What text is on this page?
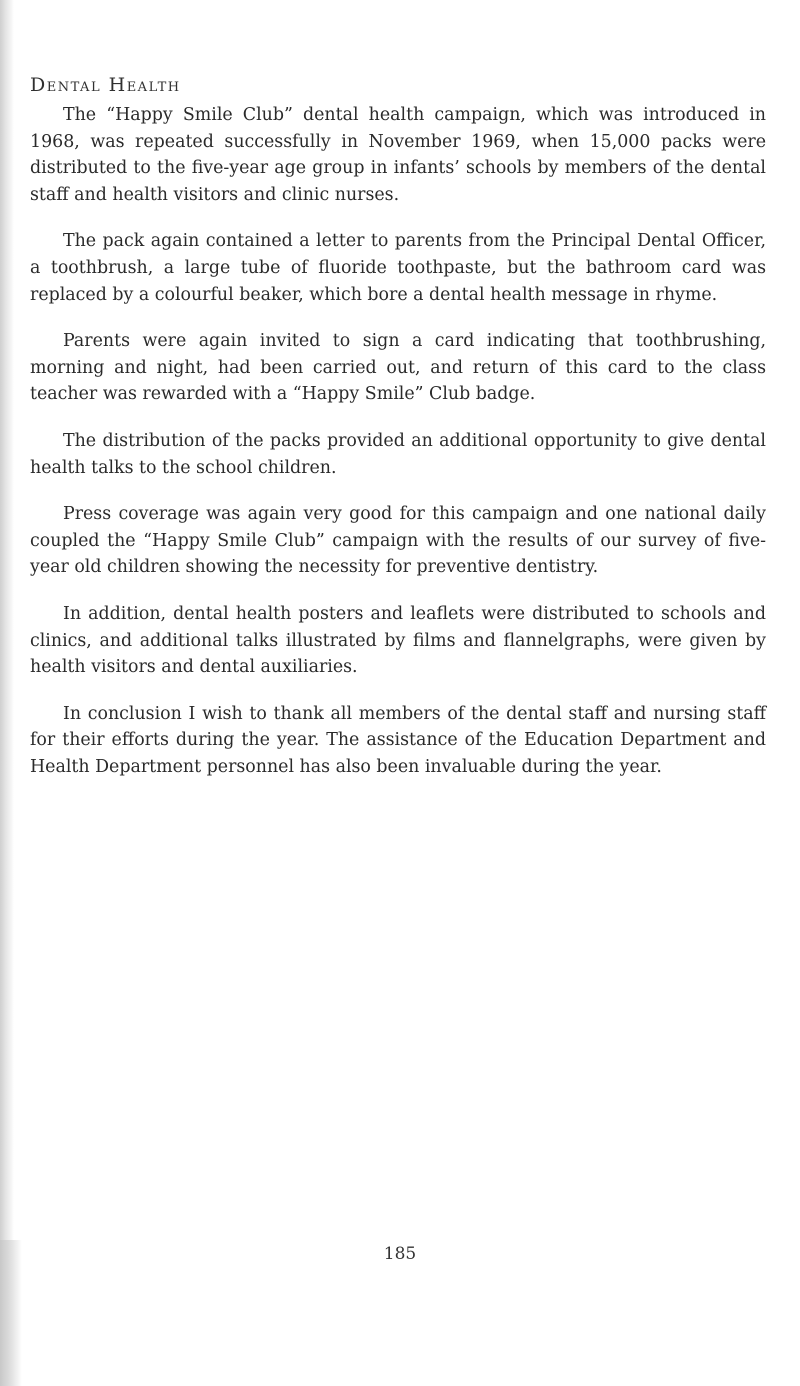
Dental Health

The “Happy Smile Club” dental health campaign, which was introduced in 1968, was repeated successfully in November 1969, when 15,000 packs were distributed to the five-year age group in infants’ schools by members of the dental staff and health visitors and clinic nurses.

The pack again contained a letter to parents from the Principal Dental Officer, a toothbrush, a large tube of fluoride toothpaste, but the bathroom card was replaced by a colourful beaker, which bore a dental health message in rhyme.

Parents were again invited to sign a card indicating that toothbrushing, morning and night, had been carried out, and return of this card to the class teacher was rewarded with a “Happy Smile” Club badge.

The distribution of the packs provided an additional opportunity to give dental health talks to the school children.

Press coverage was again very good for this campaign and one national daily coupled the “Happy Smile Club” campaign with the results of our survey of five-year old children showing the necessity for preventive dentistry.

In addition, dental health posters and leaflets were distributed to schools and clinics, and additional talks illustrated by films and flannelgraphs, were given by health visitors and dental auxiliaries.

In conclusion I wish to thank all members of the dental staff and nursing staff for their efforts during the year. The assistance of the Education Department and Health Department personnel has also been invaluable during the year.

185
